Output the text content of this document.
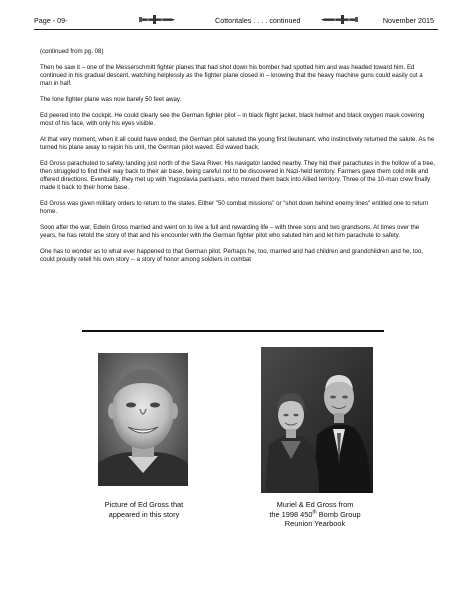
Page - 09-	Cottontales . . . . continued	November 2015

(continued from pg. 08)

Then he saw it – one of the Messerschmitt fighter planes that had shot down his bomber had spotted him and was headed toward him. Ed continued in his gradual descent, watching helplessly as the fighter plane closed in – knowing that the heavy machine guns could easily cut a man in half.

The lone fighter plane was now barely 50 feet away.

Ed peered into the cockpit. He could clearly see the German fighter pilot – in black flight jacket, black helmet and black oxygen mask covering most of his face, with only his eyes visible.

At that very moment, when it all could have ended, the German pilot saluted the young first lieutenant, who instinctively returned the salute. As he turned his plane away to rejoin his unit, the German pilot waved. Ed waved back.

Ed Gross parachuted to safety, landing just north of the Sava River. His navigator landed nearby. They hid their parachutes in the hollow of a tree, then struggled to find their way back to their air base, being careful not to be discovered in Nazi-held territory. Farmers gave them cold milk and offered directions. Eventually, they met up with Yugoslavia partisans, who moved them back into Allied territory. Three of the 10-man crew finally made it back to their home base.

Ed Gross was given military orders to return to the states. Either "50 combat missions" or "shot down behind enemy lines" entitled one to return home.

Soon after the war, Edwin Gross married and went on to live a full and rewarding life – with three sons and two grandsons. At times over the years, he has retold the story of that and his encounter with the German fighter pilot who saluted him and let him parachute to safety.

One has to wonder as to what ever happened to that German pilot. Perhaps he, too, married and had children and grandchildren and he, too, could proudly retell his own story -- a story of honor among soldiers in combat

Picture of Ed Gross that
appeared in this story
Muriel & Ed Gross from
the 1998 450th Bomb Group
Reunion Yearbook
